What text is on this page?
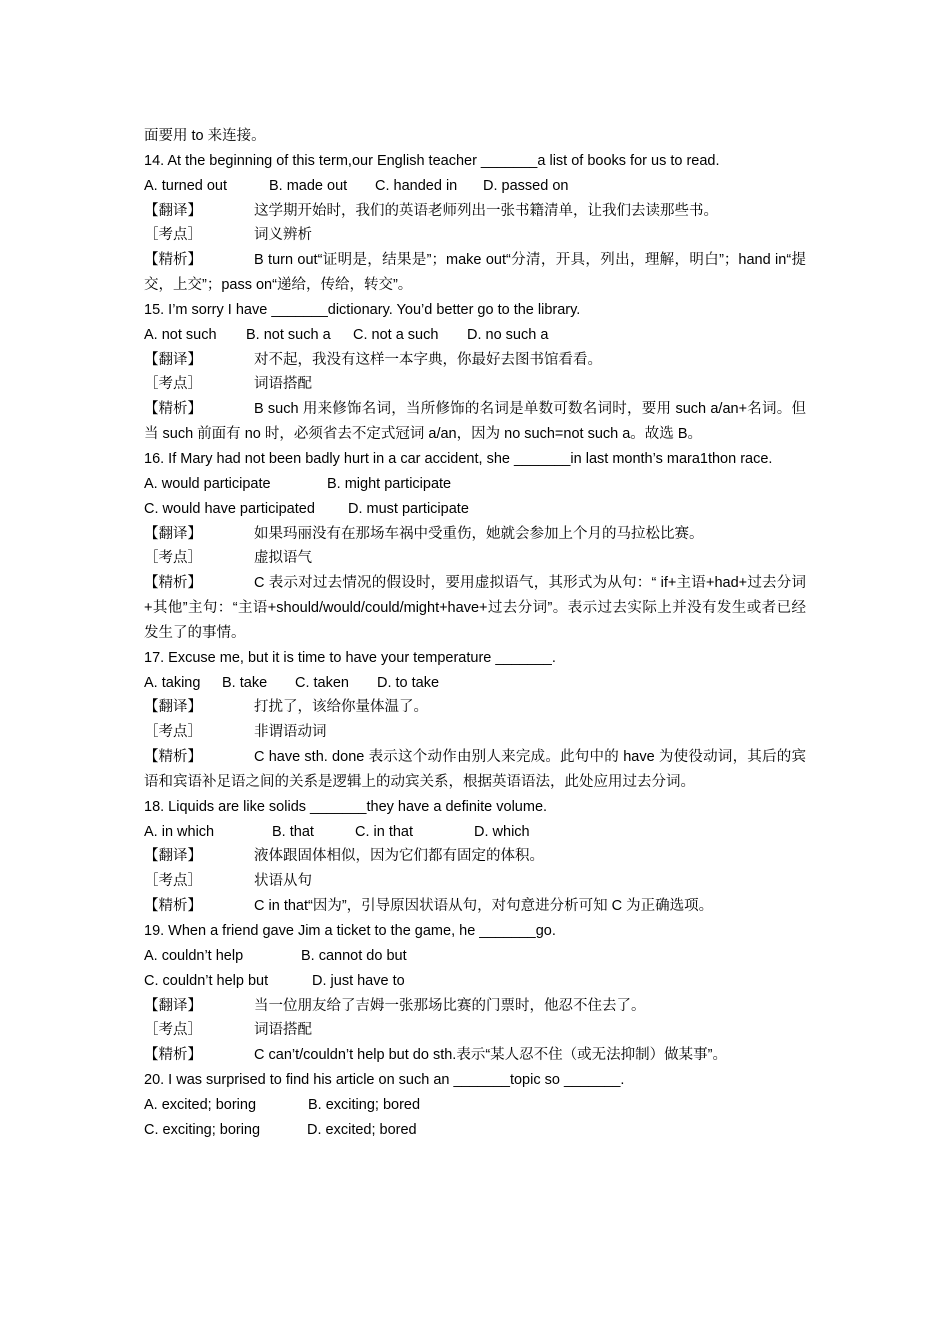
面要用 to 来连接。
14. At the beginning of this term,our English teacher _______a list of books for us to read.
A. turned out	B. made out C. handed in D. passed on
【翻译】	这学期开始时，我们的英语老师列出一张书籍清单，让我们去读那些书。
［考点］	词义辨析
【精析】	B turn out“证明是，结果是”；make out“分清，开具，列出，理解，明白”；hand in“提交，上交”；pass on“递给，传给，转交”。
15. I’m sorry I have _______dictionary. You’d better go to the library.
A. not such B. not such a C. not a such D. no such a
【翻译】	对不起，我没有这样一本字典，你最好去图书馆看看。
［考点］	词语搭配
【精析】	B such 用来修饰名词，当所修饰的名词是单数可数名词时，要用 such a/an+名词。但当 such 前面有 no 时，必须省去不定式冠词 a/an，因为 no such=not such a。故选 B。
16. If Mary had not been badly hurt in a car accident, she _______in last month’s mara1thon race.
A. would participate	B. might participate
C. would have participated D. must participate
【翻译】	如果玛丽没有在那场车祸中受重伤，她就会参加上个月的马拉松比赛。
［考点］	虚拟语气
【精析】	C 表示对过去情况的假设时，要用虚拟语气，其形式为从句：“ if+主语+had+过去分词+其他”主句：“主语+should/would/could/might+have+过去分词”。表示过去实际上并没有发生或者已经发生了的事情。
17. Excuse me, but it is time to have your temperature _______.
A. taking B. take C. taken D. to take
【翻译】	打扰了，该给你量体温了。
［考点］	非谓语动词
【精析】	C have sth. done 表示这个动作由别人来完成。此句中的 have 为使役动词，其后的宾语和宾语补足语之间的关系是逻辑上的动宾关系，根据英语语法，此处应用过去分词。
18. Liquids are like solids _______they have a definite volume.
A. in which	B. that	C. in that	D. which
【翻译】	液体跟固体相似，因为它们都有固定的体积。
［考点］	状语从句
【精析】	C in that“因为”，引导原因状语从句，对句意进分析可知 C 为正确选项。
19. When a friend gave Jim a ticket to the game, he _______go.
A. couldn’t help	B. cannot do but
C. couldn’t help but	D. just have to
【翻译】	当一位朋友给了吉姆一张那场比赛的门票时，他忍不住去了。
［考点］	词语搭配
【精析】	C can’t/couldn’t help but do sth.表示“某人忍不住（或无法抑制）做某事”。
20. I was surprised to find his article on such an _______topic so _______.
A. excited; boring	B. exciting; bored
C. exciting; boring	D. excited; bored
